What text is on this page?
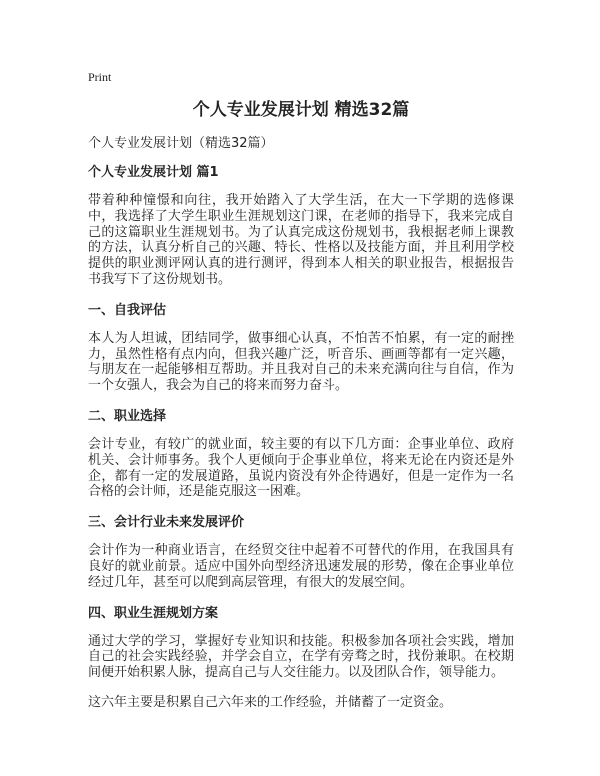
Print
个人专业发展计划 精选32篇
个人专业发展计划（精选32篇）
个人专业发展计划 篇1

带着种种憧憬和向往，我开始踏入了大学生活，在大一下学期的选修课中，我选择了大学生职业生涯规划这门课，在老师的指导下，我来完成自己的这篇职业生涯规划书。为了认真完成这份规划书，我根据老师上课教的方法，认真分析自己的兴趣、特长、性格以及技能方面，并且利用学校提供的职业测评网认真的进行测评，得到本人相关的职业报告，根据报告书我写下了这份规划书。

一、自我评估

本人为人坦诚，团结同学，做事细心认真，不怕苦不怕累，有一定的耐挫力，虽然性格有点内向，但我兴趣广泛，听音乐、画画等都有一定兴趣，与朋友在一起能够相互帮助。并且我对自己的未来充满向往与自信，作为一个女强人，我会为自己的将来而努力奋斗。

二、职业选择

会计专业，有较广的就业面，较主要的有以下几方面：企事业单位、政府机关、会计师事务。我个人更倾向于企事业单位，将来无论在内资还是外企，都有一定的发展道路，虽说内资没有外企待遇好，但是一定作为一名合格的会计师，还是能克服这一困难。

三、会计行业未来发展评价

会计作为一种商业语言，在经贸交往中起着不可替代的作用，在我国具有良好的就业前景。适应中国外向型经济迅速发展的形势，像在企事业单位经过几年，甚至可以爬到高层管理，有很大的发展空间。

四、职业生涯规划方案

通过大学的学习，掌握好专业知识和技能。积极参加各项社会实践，增加自己的社会实践经验，并学会自立，在学有旁骛之时，找份兼职。在校期间便开始积累人脉，提高自己与人交往能力。以及团队合作，领导能力。

这六年主要是积累自己六年来的工作经验，并储蓄了一定资金。
